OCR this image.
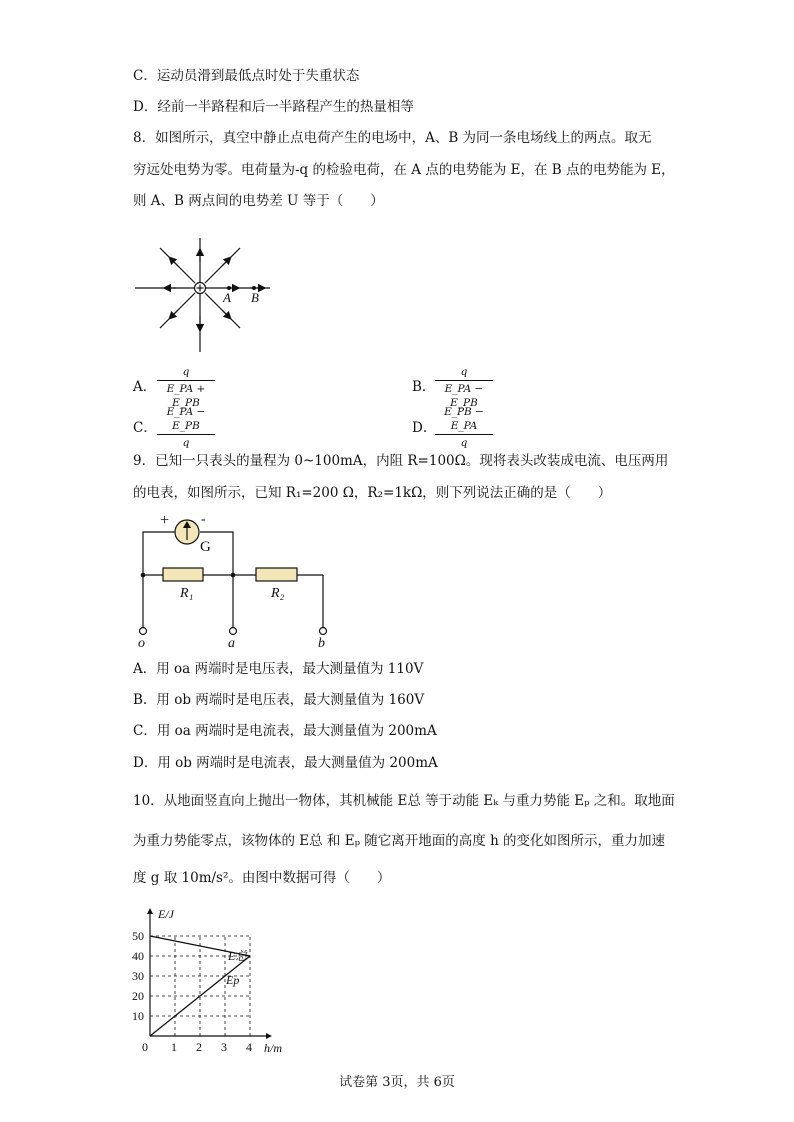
C．运动员滑到最低点时处于失重状态
D．经前一半路程和后一半路程产生的热量相等
8．如图所示，真空中静止点电荷产生的电场中，A、B 为同一条电场线上的两点。取无
穷远处电势为零。电荷量为-q 的检验电荷，在 A 点的电势能为 E，在 B 点的电势能为 E，
则 A、B 两点间的电势差 U 等于（　　）
A B
A．
q
E_PA + E_PB
B．
q
E_PA − E_PB
C．
E_PA − E_PB
q
D．
E_PB − E_PA
q
9．已知一只表头的量程为 0~100mA，内阻 R=100Ω。现将表头改装成电流、电压两用
的电表，如图所示，已知 R₁=200 Ω，R₂=1kΩ，则下列说法正确的是（　　）
+ -
G
R₁	R₂
o	a	b
A．用 oa 两端时是电压表，最大测量值为 110V
B．用 ob 两端时是电压表，最大测量值为 160V
C．用 oa 两端时是电流表，最大测量值为 200mA
D．用 ob 两端时是电流表，最大测量值为 200mA
10．从地面竖直向上抛出一物体，其机械能 E总 等于动能 Eₖ 与重力势能 Eₚ 之和。取地面
为重力势能零点，该物体的 E总 和 Eₚ 随它离开地面的高度 h 的变化如图所示，重力加速
度 g 取 10m/s²。由图中数据可得（　　）
0 1 2 3 4
10
20
30
40
50
h/m
E/J
E总
Ep
试卷第 3页，共 6页
